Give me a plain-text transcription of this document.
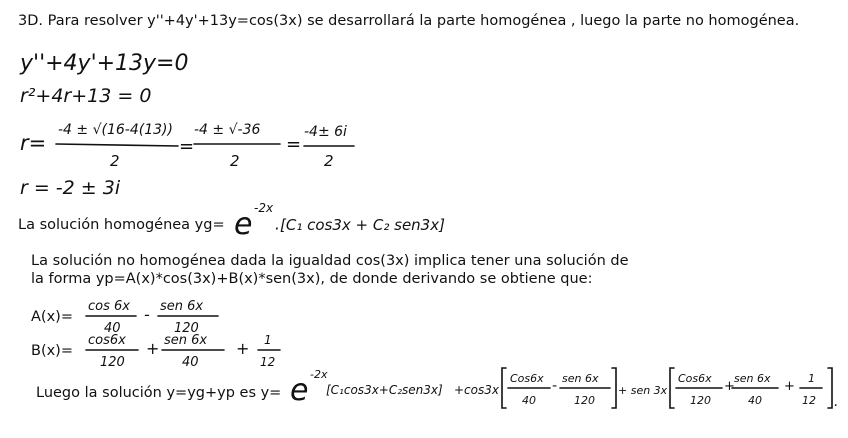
3D. Para resolver y''+4y'+13y=cos(3x) se desarrollará la parte homogénea , luego la parte no homogénea.
y''+4y'+13y=0
r²+4r+13 = 0
r=
-4 ± √(16-4(13))
2
=
-4 ± √-36
2
=
-4± 6i
2
r = -2 ± 3i
La solución homogénea yg= e -2x
· [C₁ cos3x + C₂ sen3x]
La solución no homogénea dada la igualdad cos(3x) implica tener una solución de
la forma yp=A(x)*cos(3x)+B(x)*sen(3x), de donde derivando se obtiene que:
A(x)=
cos 6x
40
- sen 6x
120
B(x)=
cos6x
120
+ sen 6x
40
+ 1
12
Luego la solución y=yg+yp es y= e -2x
[C₁cos3x+C₂sen3x] +cos3x
Cos6x
40
- sen 6x
120
+ sen 3x
Cos6x
120
+
sen 6x
40
+
1
12 .
